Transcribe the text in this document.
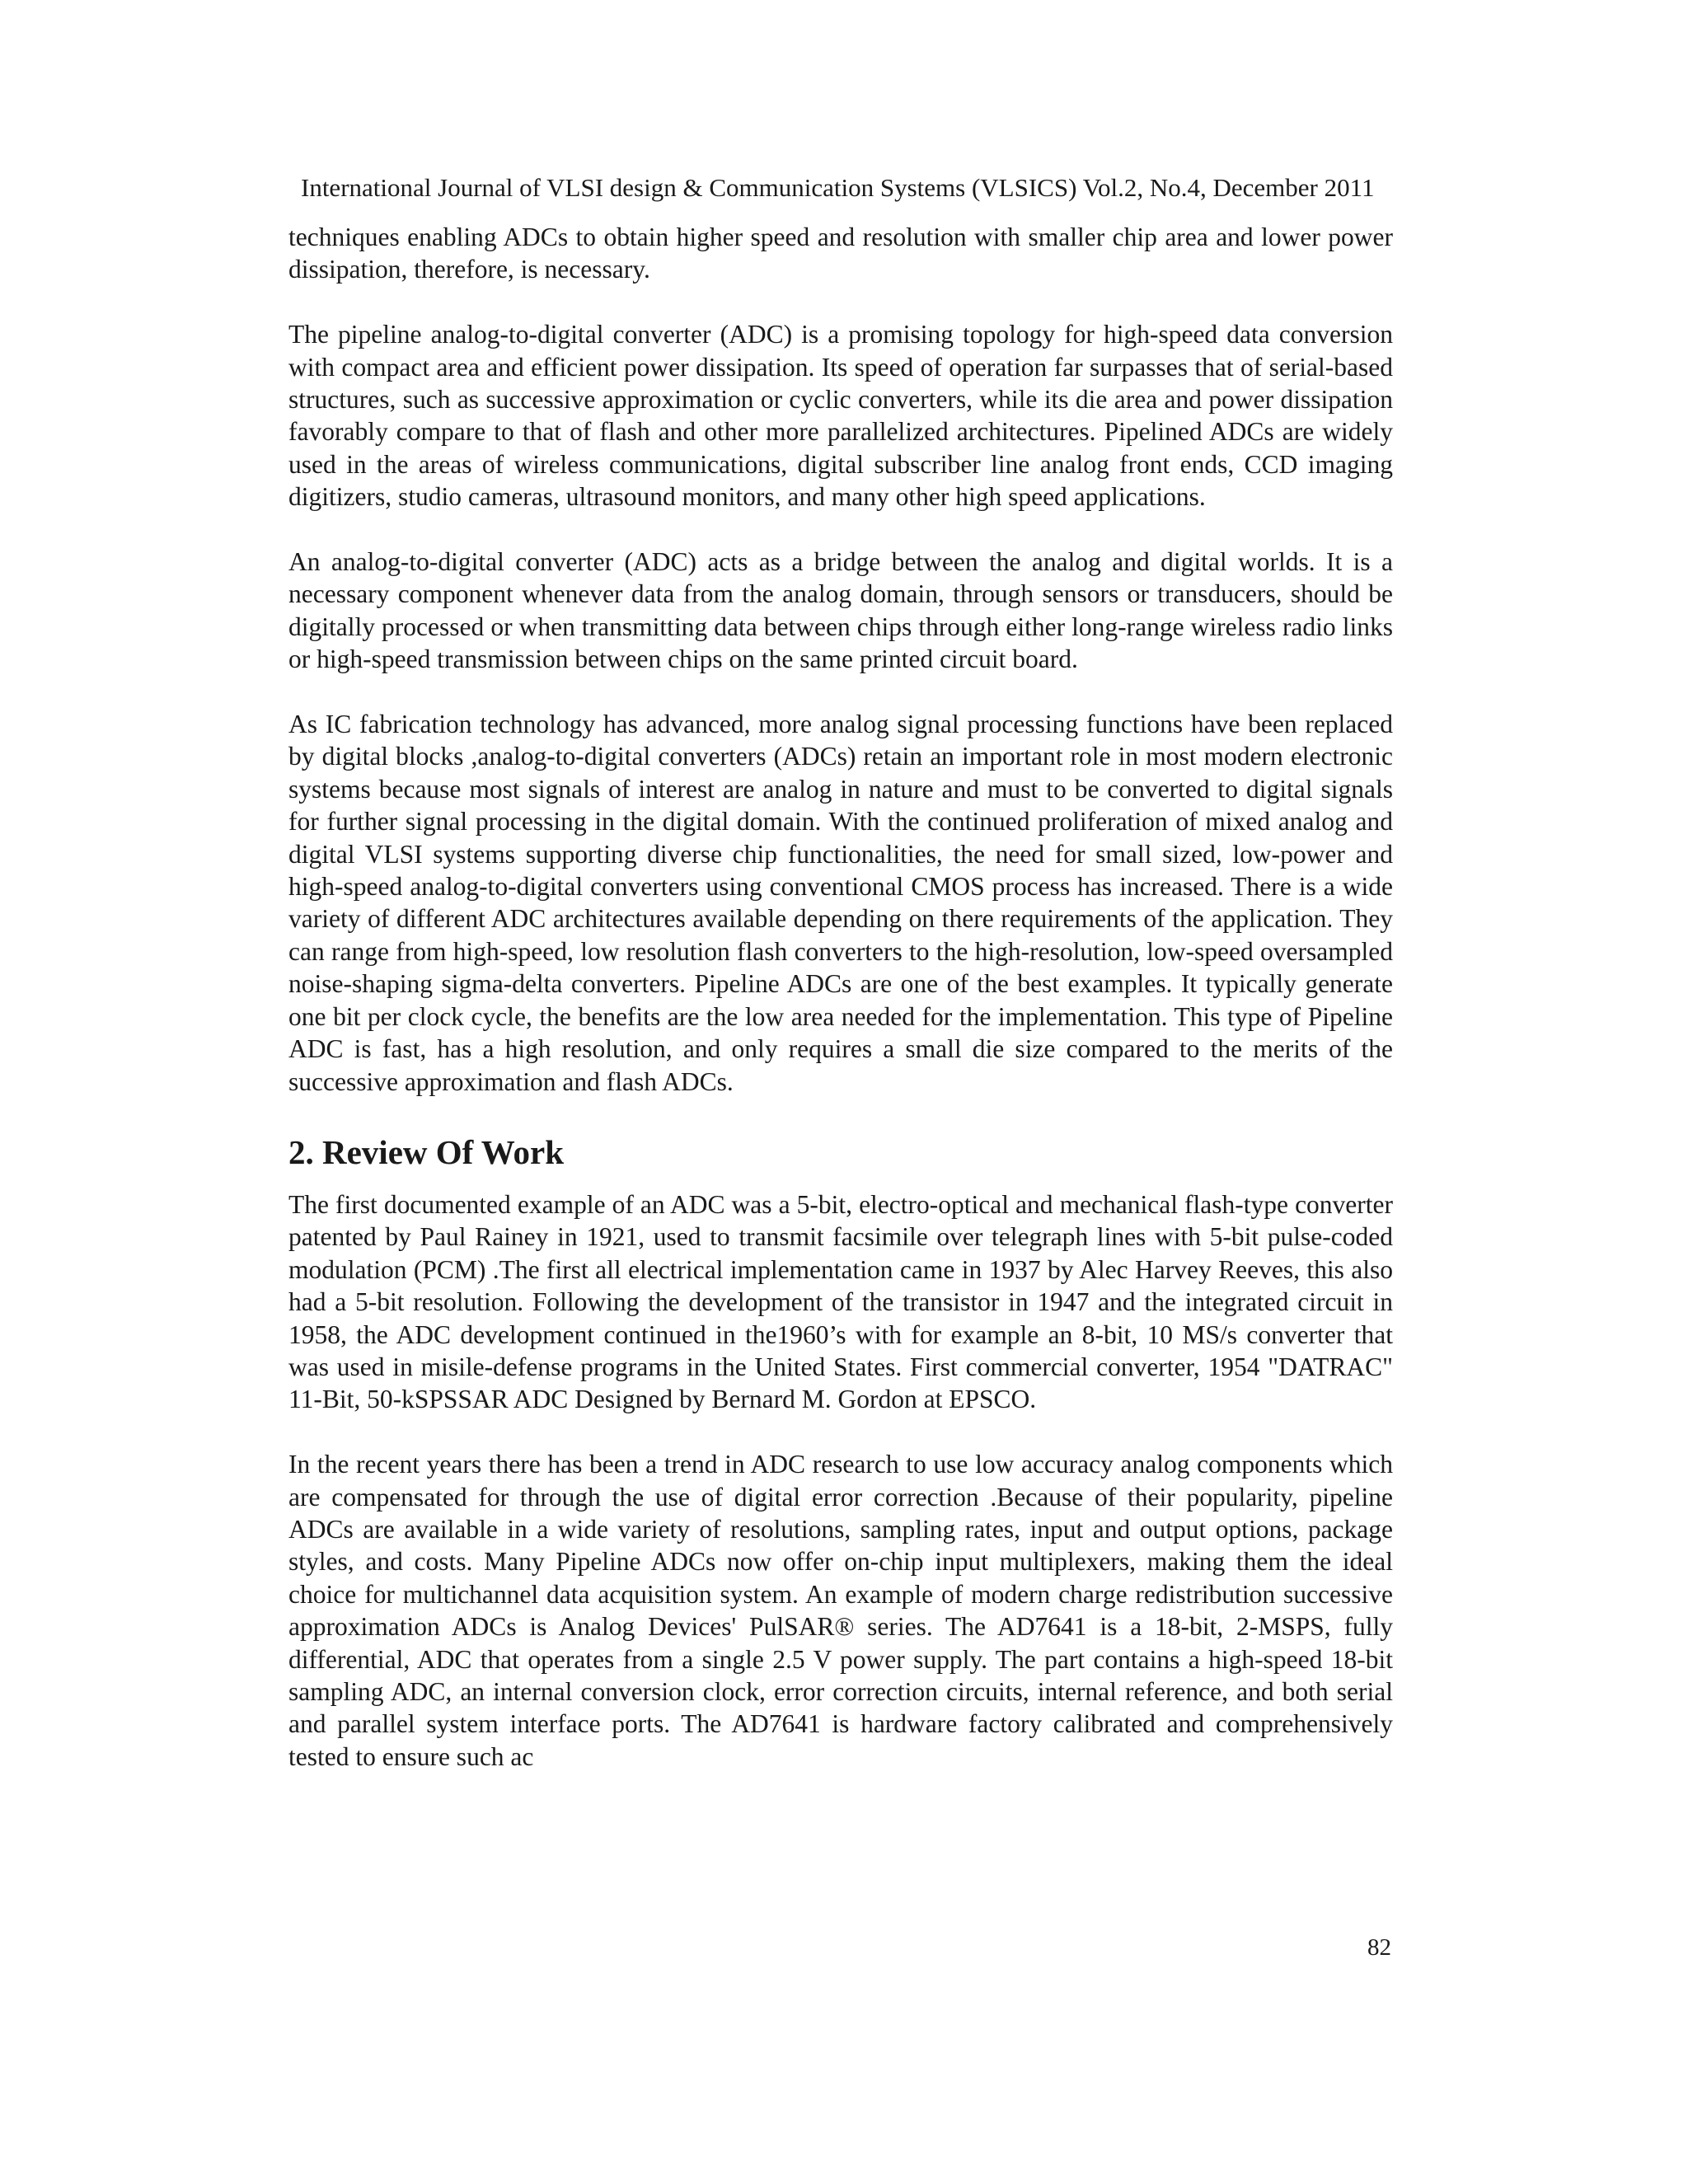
International Journal of VLSI design & Communication Systems (VLSICS) Vol.2, No.4, December 2011

techniques enabling ADCs to obtain higher speed and resolution with smaller chip area and lower power dissipation, therefore, is necessary.

The pipeline analog-to-digital converter (ADC) is a promising topology for high-speed data conversion with compact area and efficient power dissipation. Its speed of operation far surpasses that of serial-based structures, such as successive approximation or cyclic converters, while its die area and power dissipation favorably compare to that of flash and other more parallelized architectures. Pipelined ADCs are widely used in the areas of wireless communications, digital subscriber line analog front ends, CCD imaging digitizers, studio cameras, ultrasound monitors, and many other high speed applications.

An analog-to-digital converter (ADC) acts as a bridge between the analog and digital worlds. It is a necessary component whenever data from the analog domain, through sensors or transducers, should be digitally processed or when transmitting data between chips through either long-range wireless radio links or high-speed transmission between chips on the same printed circuit board.

As IC fabrication technology has advanced, more analog signal processing functions have been replaced by digital blocks ,analog-to-digital converters (ADCs) retain an important role in most modern electronic systems because most signals of interest are analog in nature and must to be converted to digital signals for further signal processing in the digital domain. With the continued proliferation of mixed analog and digital VLSI systems supporting diverse chip functionalities, the need for small sized, low-power and high-speed analog-to-digital converters using conventional CMOS process has increased. There is a wide variety of different ADC architectures available depending on there requirements of the application. They can range from high-speed, low resolution flash converters to the high-resolution, low-speed oversampled noise-shaping sigma-delta converters. Pipeline ADCs are one of the best examples. It typically generate one bit per clock cycle, the benefits are the low area needed for the implementation. This type of Pipeline ADC is fast, has a high resolution, and only requires a small die size compared to the merits of the successive approximation and flash ADCs.

2. Review Of Work

The first documented example of an ADC was a 5-bit, electro-optical and mechanical flash-type converter patented by Paul Rainey in 1921, used to transmit facsimile over telegraph lines with 5-bit pulse-coded modulation (PCM) .The first all electrical implementation came in 1937 by Alec Harvey Reeves, this also had a 5-bit resolution. Following the development of the transistor in 1947 and the integrated circuit in 1958, the ADC development continued in the1960’s with for example an 8-bit, 10 MS/s converter that was used in misile-defense programs in the United States. First commercial converter, 1954 "DATRAC" 11-Bit, 50-kSPSSAR ADC Designed by Bernard M. Gordon at EPSCO.

In the recent years there has been a trend in ADC research to use low accuracy analog components which are compensated for through the use of digital error correction .Because of their popularity, pipeline ADCs are available in a wide variety of resolutions, sampling rates, input and output options, package styles, and costs. Many Pipeline ADCs now offer on-chip input multiplexers, making them the ideal choice for multichannel data acquisition system. An example of modern charge redistribution successive approximation ADCs is Analog Devices' PulSAR® series. The AD7641 is a 18-bit, 2-MSPS, fully differential, ADC that operates from a single 2.5 V power supply. The part contains a high-speed 18-bit sampling ADC, an internal conversion clock, error correction circuits, internal reference, and both serial and parallel system interface ports. The AD7641 is hardware factory calibrated and comprehensively tested to ensure such ac

82
